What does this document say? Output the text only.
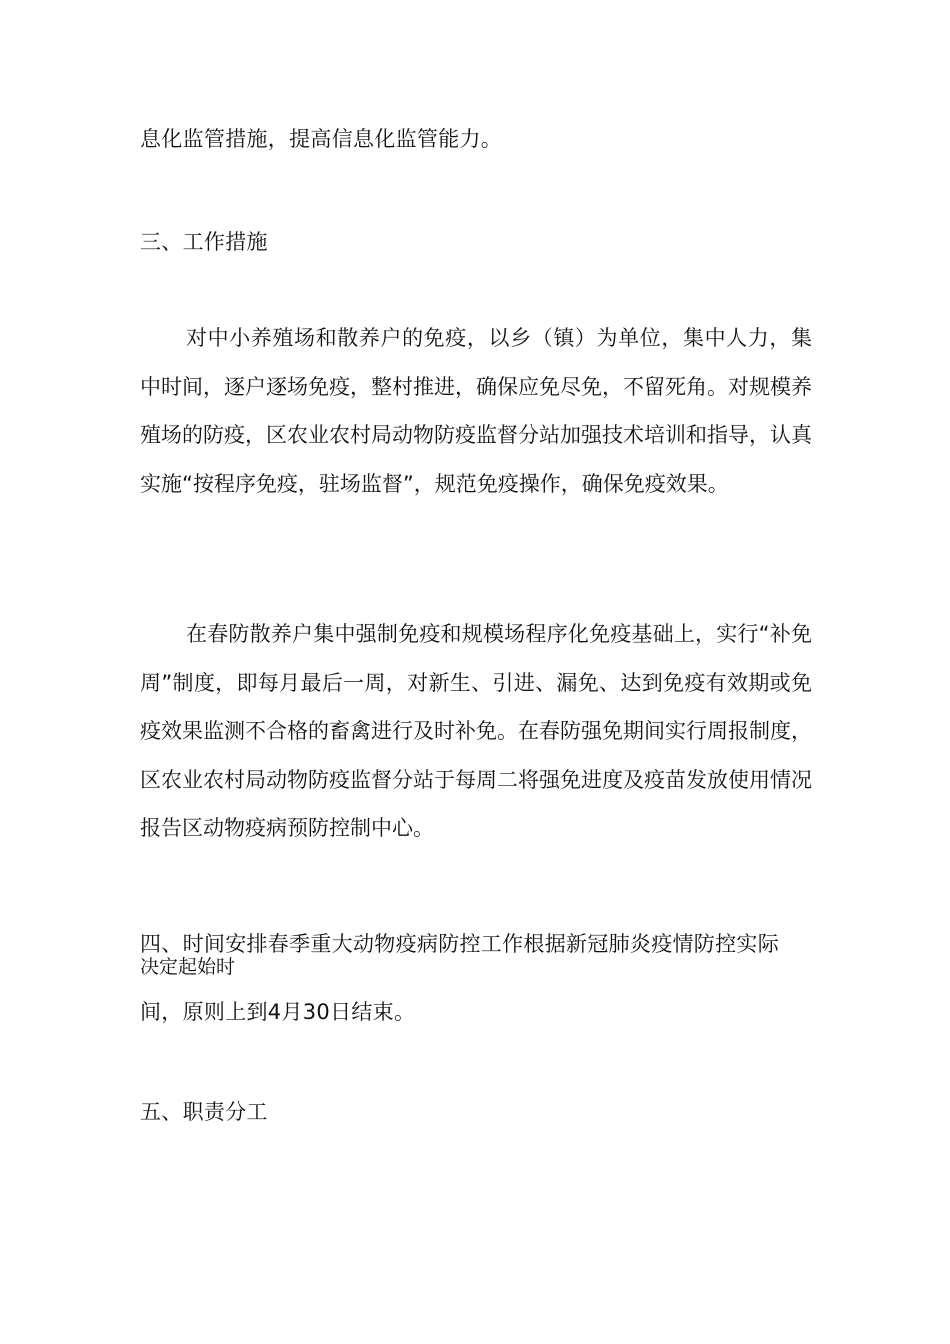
息化监管措施，提高信息化监管能力。
三、工作措施
对中小养殖场和散养户的免疫，以乡（镇）为单位，集中人力，集中时间，逐户逐场免疫，整村推进，确保应免尽免，不留死角。对规模养殖场的防疫，区农业农村局动物防疫监督分站加强技术培训和指导，认真实施“按程序免疫，驻场监督”，规范免疫操作，确保免疫效果。
在春防散养户集中强制免疫和规模场程序化免疫基础上，实行“补免周”制度，即每月最后一周，对新生、引进、漏免、达到免疫有效期或免疫效果监测不合格的畜禽进行及时补免。在春防强免期间实行周报制度，区农业农村局动物防疫监督分站于每周二将强免进度及疫苗发放使用情况报告区动物疫病预防控制中心。
四、时间安排春季重大动物疫病防控工作根据新冠肺炎疫情防控实际
决定起始时
间，原则上到4月30日结束。
五、职责分工
